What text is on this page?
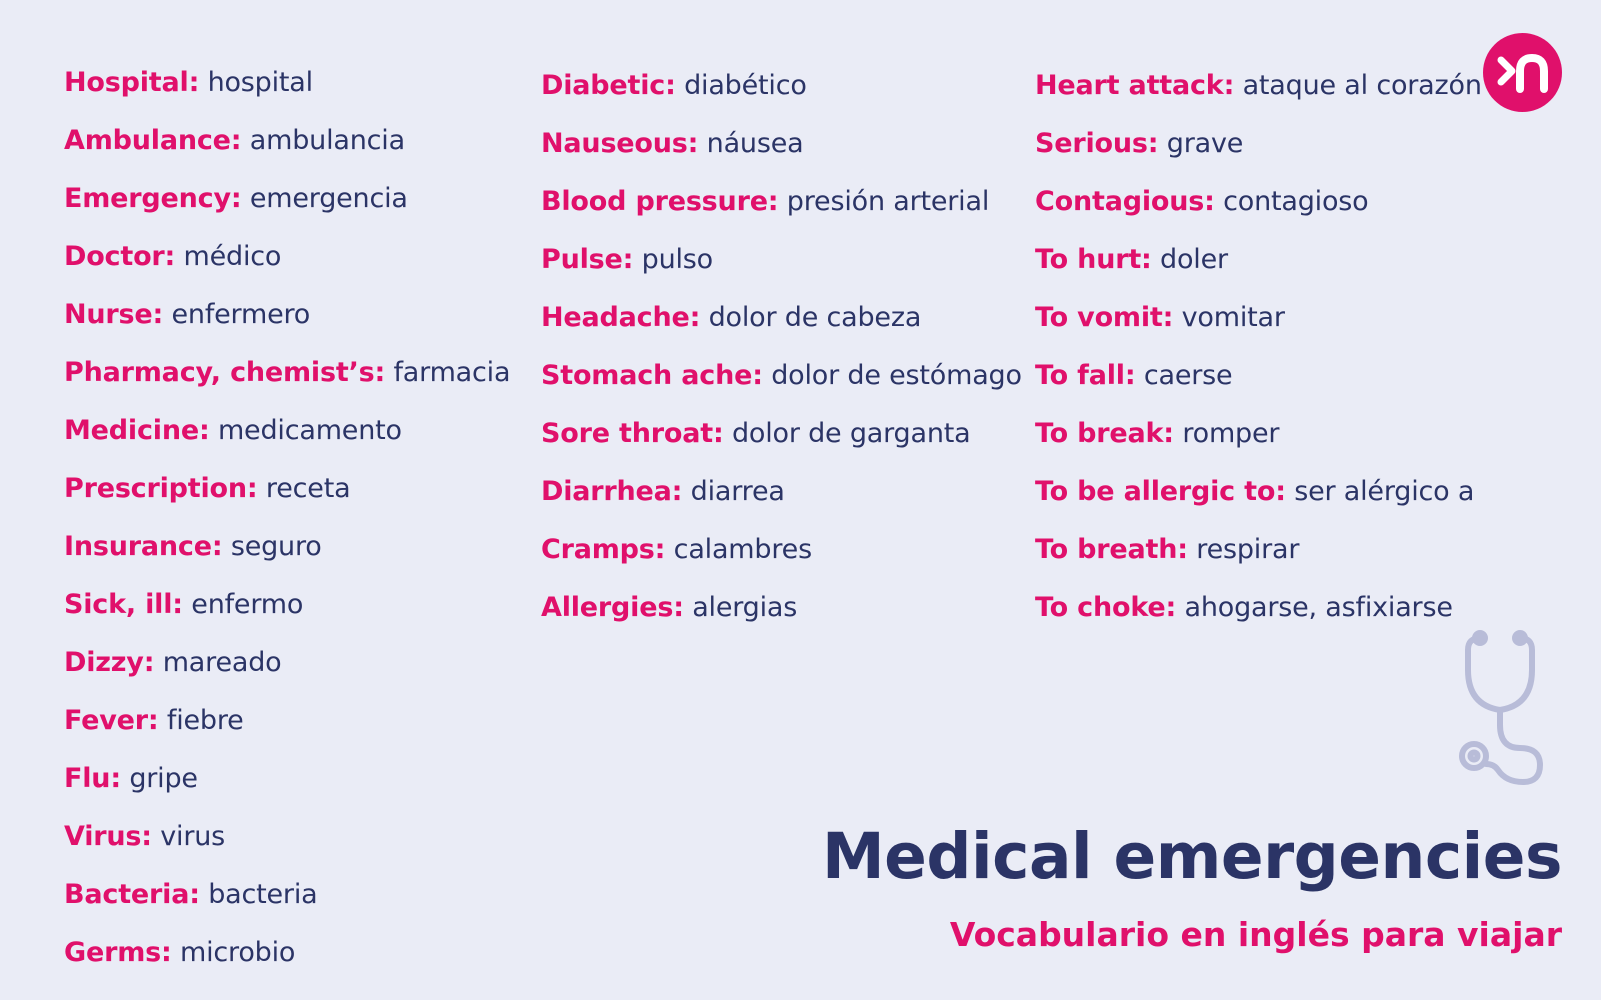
Hospital: hospital
Ambulance: ambulancia
Emergency: emergencia
Doctor: médico
Nurse: enfermero
Pharmacy, chemist’s: farmacia
Medicine: medicamento
Prescription: receta
Insurance: seguro
Sick, ill: enfermo
Dizzy: mareado
Fever: fiebre
Flu: gripe
Virus: virus
Bacteria: bacteria
Germs: microbio
Diabetic: diabético
Nauseous: náusea
Blood pressure: presión arterial
Pulse: pulso
Headache: dolor de cabeza
Stomach ache: dolor de estómago
Sore throat: dolor de garganta
Diarrhea: diarrea
Cramps: calambres
Allergies: alergias
Heart attack: ataque al corazón
Serious: grave
Contagious: contagioso
To hurt: doler
To vomit: vomitar
To fall: caerse
To break: romper
To be allergic to: ser alérgico a
To breath: respirar
To choke: ahogarse, asfixiarse
Medical emergencies
Vocabulario en inglés para viajar
